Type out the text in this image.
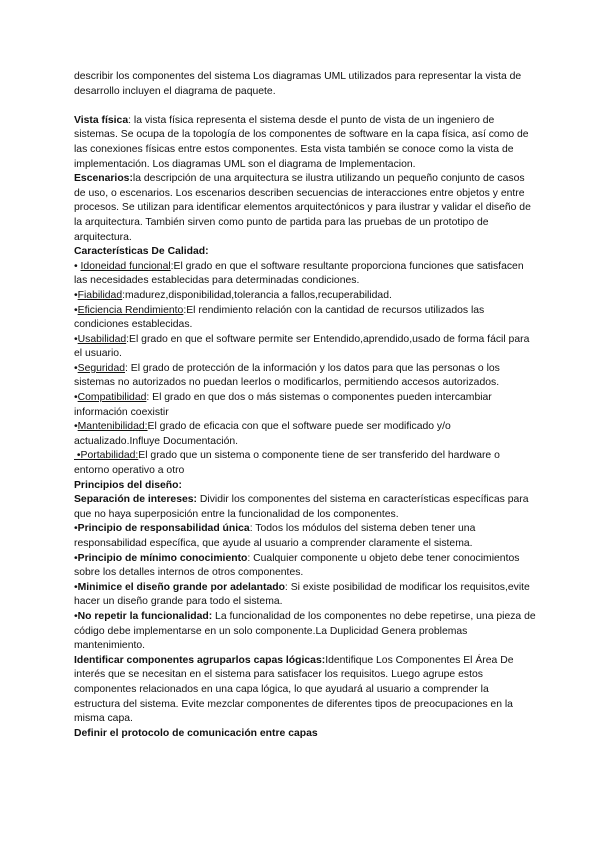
describir los componentes del sistema Los diagramas UML utilizados para representar la vista de desarrollo incluyen el diagrama de paquete.

Vista física: la vista física representa el sistema desde el punto de vista de un ingeniero de sistemas. Se ocupa de la topología de los componentes de software en la capa física, así como de las conexiones físicas entre estos componentes. Esta vista también se conoce como la vista de implementación. Los diagramas UML son el diagrama de Implementacion.

Escenarios:la descripción de una arquitectura se ilustra utilizando un pequeño conjunto de casos de uso, o escenarios. Los escenarios describen secuencias de interacciones entre objetos y entre procesos. Se utilizan para identificar elementos arquitectónicos y para ilustrar y validar el diseño de la arquitectura. También sirven como punto de partida para las pruebas de un prototipo de arquitectura.

Características De Calidad:

• Idoneidad funcional:El grado en que el software resultante proporciona funciones que satisfacen las necesidades establecidas para determinadas condiciones.

•Fiabilidad:madurez,disponibilidad,tolerancia a fallos,recuperabilidad.

•Eficiencia Rendimiento:El rendimiento relación con la cantidad de recursos utilizados las condiciones establecidas.

•Usabilidad:El grado en que el software permite ser Entendido,aprendido,usado de forma fácil para el usuario.

•Seguridad: El grado de protección de la información y los datos para que las personas o los sistemas no autorizados no puedan leerlos o modificarlos, permitiendo accesos autorizados.

•Compatibilidad: El grado en que dos o más sistemas o componentes pueden intercambiar información coexistir

•Mantenibilidad:El grado de eficacia con que el software puede ser modificado y/o actualizado.Influye Documentación.

•Portabilidad:El grado que un sistema o componente tiene de ser transferido del hardware o entorno operativo a otro

Principios del diseño:

Separación de intereses: Dividir los componentes del sistema en características específicas para que no haya superposición entre la funcionalidad de los componentes.

•Principio de responsabilidad única: Todos los módulos del sistema deben tener una responsabilidad específica, que ayude al usuario a comprender claramente el sistema.

•Principio de mínimo conocimiento: Cualquier componente u objeto debe tener conocimientos sobre los detalles internos de otros componentes.

•Minimice el diseño grande por adelantado: Si existe posibilidad de modificar los requisitos,evite hacer un diseño grande para todo el sistema.

•No repetir la funcionalidad: La funcionalidad de los componentes no debe repetirse, una pieza de código debe implementarse en un solo componente.La Duplicidad Genera problemas mantenimiento.

Identificar componentes agruparlos capas lógicas:Identifique Los Componentes El Área De interés que se necesitan en el sistema para satisfacer los requisitos. Luego agrupe estos componentes relacionados en una capa lógica, lo que ayudará al usuario a comprender la estructura del sistema. Evite mezclar componentes de diferentes tipos de preocupaciones en la misma capa.

Definir el protocolo de comunicación entre capas
